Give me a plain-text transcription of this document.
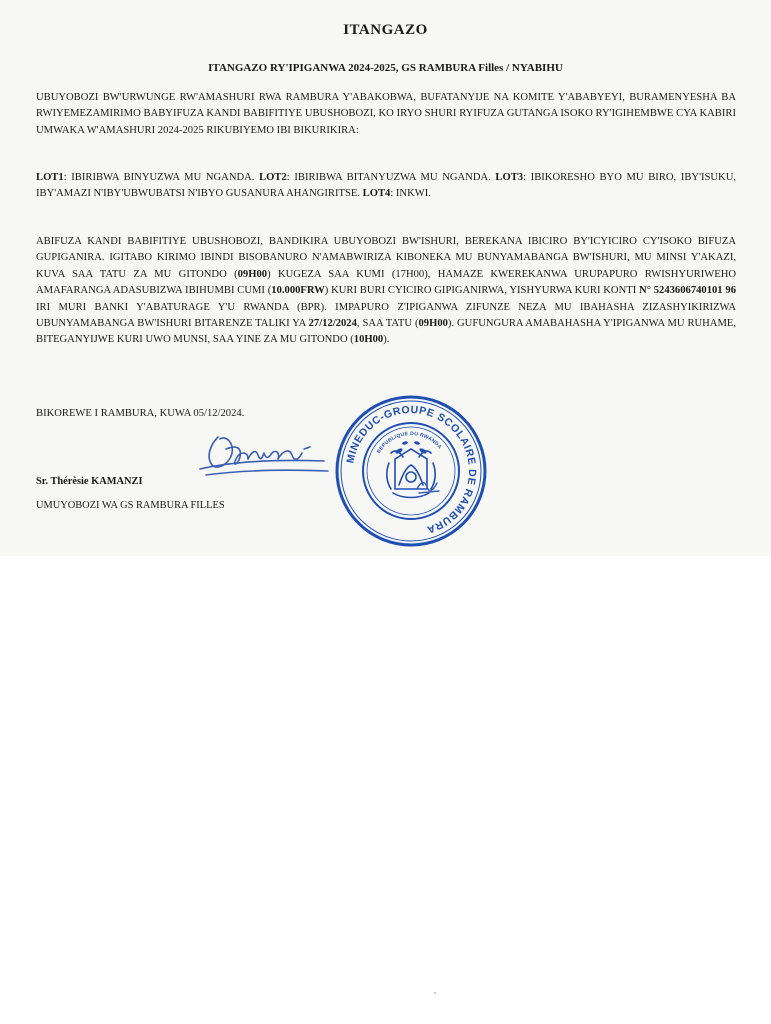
ITANGAZO
ITANGAZO RY'IPIGANWA 2024-2025, GS RAMBURA Filles / NYABIHU

UBUYOBOZI BW'URWUNGE RW'AMASHURI RWA RAMBURA Y'ABAKOBWA, BUFATANYIJE NA KOMITE Y'ABABYEYI, BURAMENYESHA BA RWIYEMEZAMIRIMO BABYIFUZA KANDI BABIFITIYE UBUSHOBOZI, KO IRYO SHURI RYIFUZA GUTANGA ISOKO RY'IGIHEMBWE CYA KABIRI UMWAKA W'AMASHURI 2024-2025 RIKUBIYEMO IBI BIKURIKIRA:

LOT1: IBIRIBWA BINYUZWA MU NGANDA. LOT2: IBIRIBWA BITANYUZWA MU NGANDA. LOT3: IBIKORESHO BYO MU BIRO, IBY'ISUKU, IBY'AMAZI N'IBY'UBWUBATSI N'IBYO GUSANURA AHANGIRITSE. LOT4: INKWI.

ABIFUZA KANDI BABIFITIYE UBUSHOBOZI, BANDIKIRA UBUYOBOZI BW'ISHURI, BEREKANA IBICIRO BY'ICYICIRO CY'ISOKO BIFUZA GUPIGANIRA. IGITABO KIRIMO IBINDI BISOBANURO N'AMABWIRIZA KIBONEKA MU BUNYAMABANGA BW'ISHURI, MU MINSI Y'AKAZI, KUVA SAA TATU ZA MU GITONDO (09H00) KUGEZA SAA KUMI (17H00), HAMAZE KWEREKANWA URUPAPURO RWISHYURIWEHO AMAFARANGA ADASUBIZWA IBIHUMBI CUMI (10.000FRW) KURI BURI CYICIRO GIPIGANIRWA, YISHYURWA KURI KONTI N° 5243606740101 96 IRI MURI BANKI Y'ABATURAGE Y'U RWANDA (BPR). IMPAPURO Z'IPIGANWA ZIFUNZE NEZA MU IBAHASHA ZIZASHYIKIRIZWA UBUNYAMABANGA BW'ISHURI BITARENZE TALIKI YA 27/12/2024, SAA TATU (09H00). GUFUNGURA AMABAHASHA Y'IPIGANWA MU RUHAME, BITEGANYIJWE KURI UWO MUNSI, SAA YINE ZA MU GITONDO (10H00).

BIKOREWE I RAMBURA, KUWA 05/12/2024.

Sr. Thérèsie KAMANZI
UMUYOBOZI WA GS RAMBURA FILLES
MINEDUC-GROUPE SCOLAIRE DE RAMBURA
REPUBLIQUE DU RWANDA
